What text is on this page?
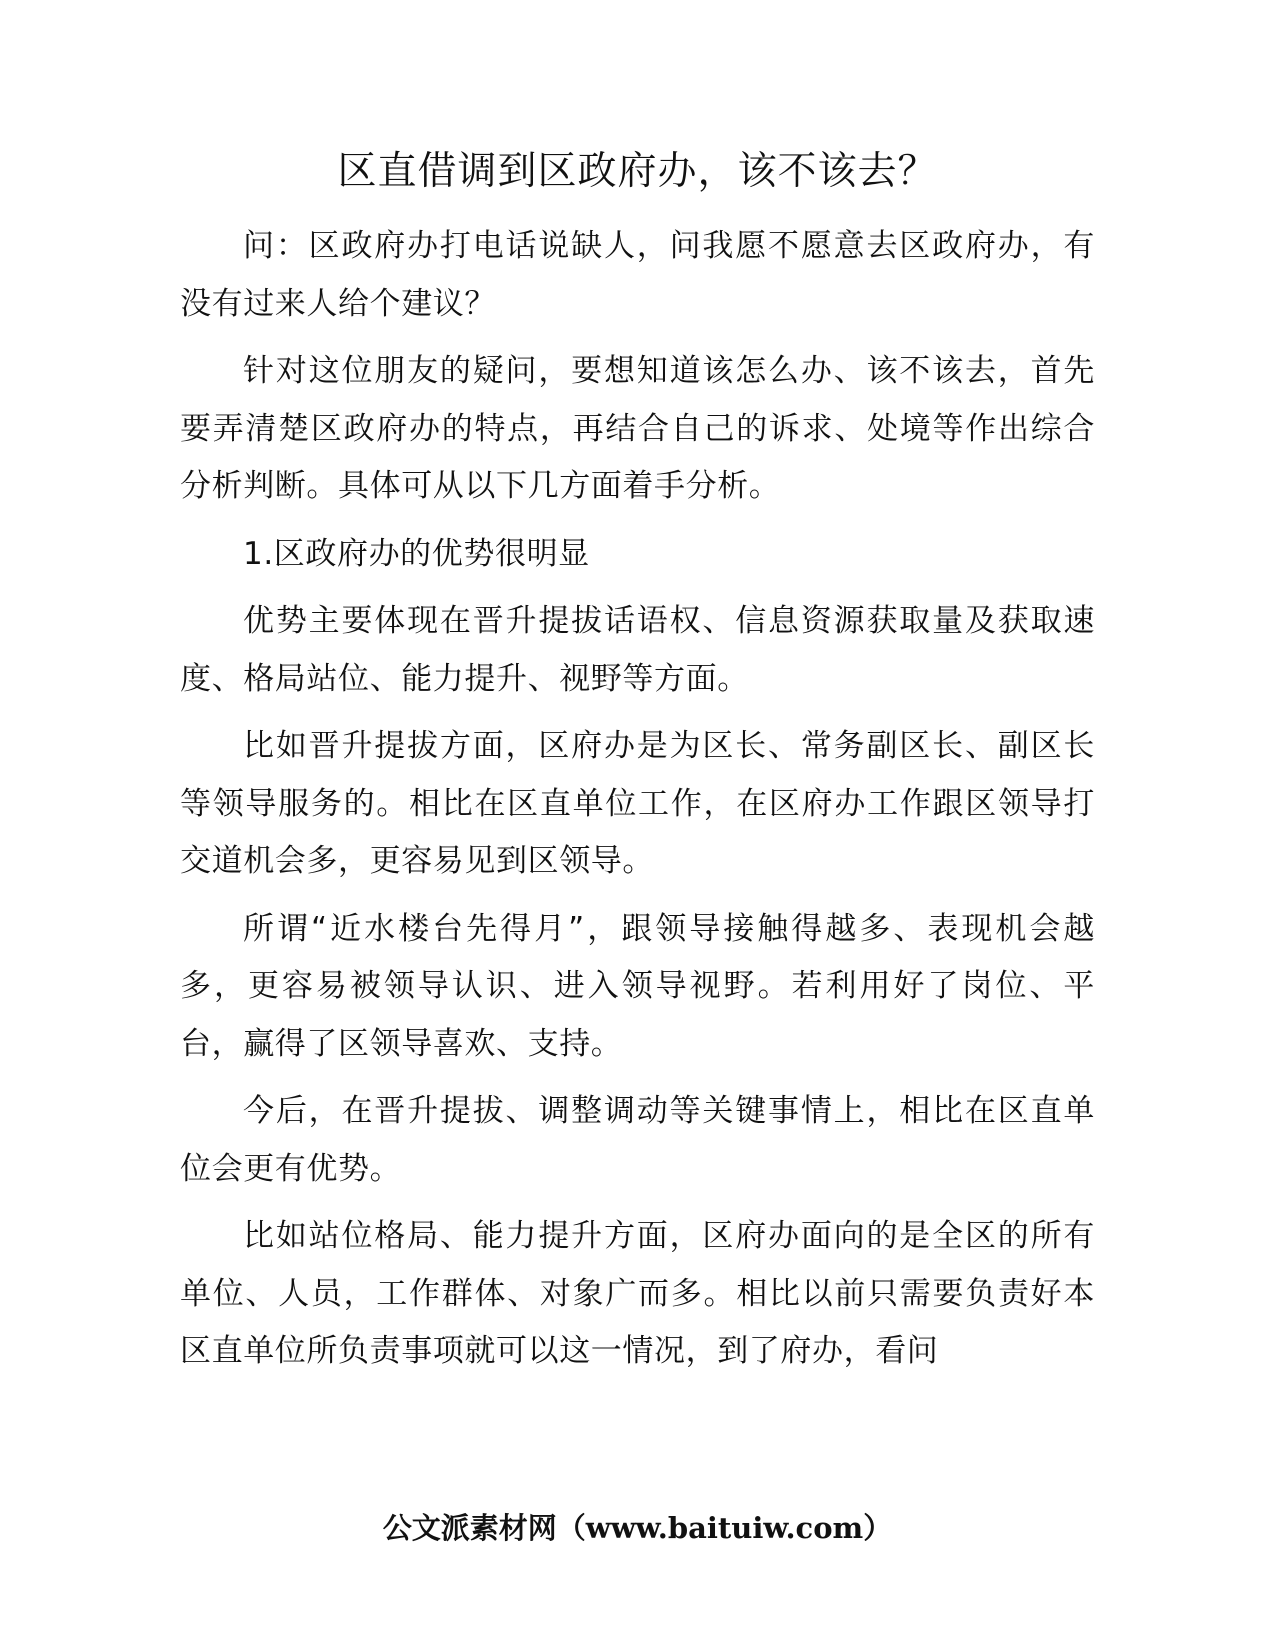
区直借调到区政府办，该不该去？

问：区政府办打电话说缺人，问我愿不愿意去区政府办，有没有过来人给个建议？

针对这位朋友的疑问，要想知道该怎么办、该不该去，首先要弄清楚区政府办的特点，再结合自己的诉求、处境等作出综合分析判断。具体可从以下几方面着手分析。

1.区政府办的优势很明显

优势主要体现在晋升提拔话语权、信息资源获取量及获取速度、格局站位、能力提升、视野等方面。

比如晋升提拔方面，区府办是为区长、常务副区长、副区长等领导服务的。相比在区直单位工作，在区府办工作跟区领导打交道机会多，更容易见到区领导。

所谓“近水楼台先得月”，跟领导接触得越多、表现机会越多，更容易被领导认识、进入领导视野。若利用好了岗位、平台，赢得了区领导喜欢、支持。

今后，在晋升提拔、调整调动等关键事情上，相比在区直单位会更有优势。

比如站位格局、能力提升方面，区府办面向的是全区的所有单位、人员，工作群体、对象广而多。相比以前只需要负责好本区直单位所负责事项就可以这一情况，到了府办，看问

公文派素材网（www.baituiw.com）
